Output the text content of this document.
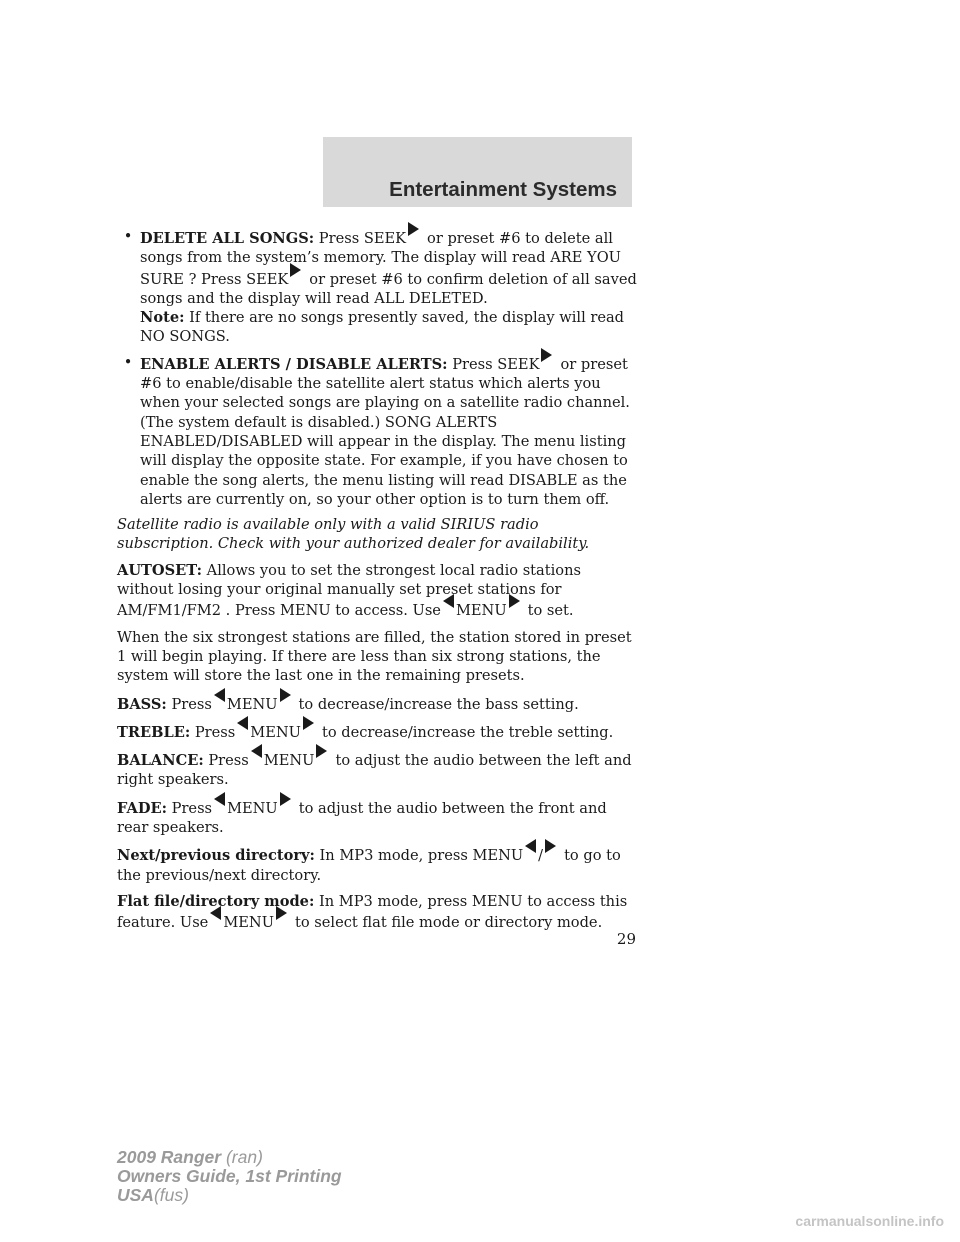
Entertainment Systems
• DELETE ALL SONGS: Press SEEK or preset #6 to delete all songs from the system’s memory. The display will read ARE YOU SURE ? Press SEEK or preset #6 to confirm deletion of all saved songs and the display will read ALL DELETED.
Note: If there are no songs presently saved, the display will read NO SONGS.
• ENABLE ALERTS / DISABLE ALERTS: Press SEEK or preset #6 to enable/disable the satellite alert status which alerts you when your selected songs are playing on a satellite radio channel. (The system default is disabled.) SONG ALERTS ENABLED/DISABLED will appear in the display. The menu listing will display the opposite state. For example, if you have chosen to enable the song alerts, the menu listing will read DISABLE as the alerts are currently on, so your other option is to turn them off.

Satellite radio is available only with a valid SIRIUS radio subscription. Check with your authorized dealer for availability.

AUTOSET: Allows you to set the strongest local radio stations without losing your original manually set preset stations for AM/FM1/FM2 . Press MENU to access. Use MENU to set.

When the six strongest stations are filled, the station stored in preset 1 will begin playing. If there are less than six strong stations, the system will store the last one in the remaining presets.

BASS: Press MENU to decrease/increase the bass setting.

TREBLE: Press MENU to decrease/increase the treble setting.

BALANCE: Press MENU to adjust the audio between the left and right speakers.

FADE: Press MENU to adjust the audio between the front and rear speakers.

Next/previous directory: In MP3 mode, press MENU / to go to the previous/next directory.

Flat file/directory mode: In MP3 mode, press MENU to access this feature. Use MENU to select flat file mode or directory mode.

29
2009 Ranger (ran)
Owners Guide, 1st Printing
USA(fus)
carmanualsonline.info
